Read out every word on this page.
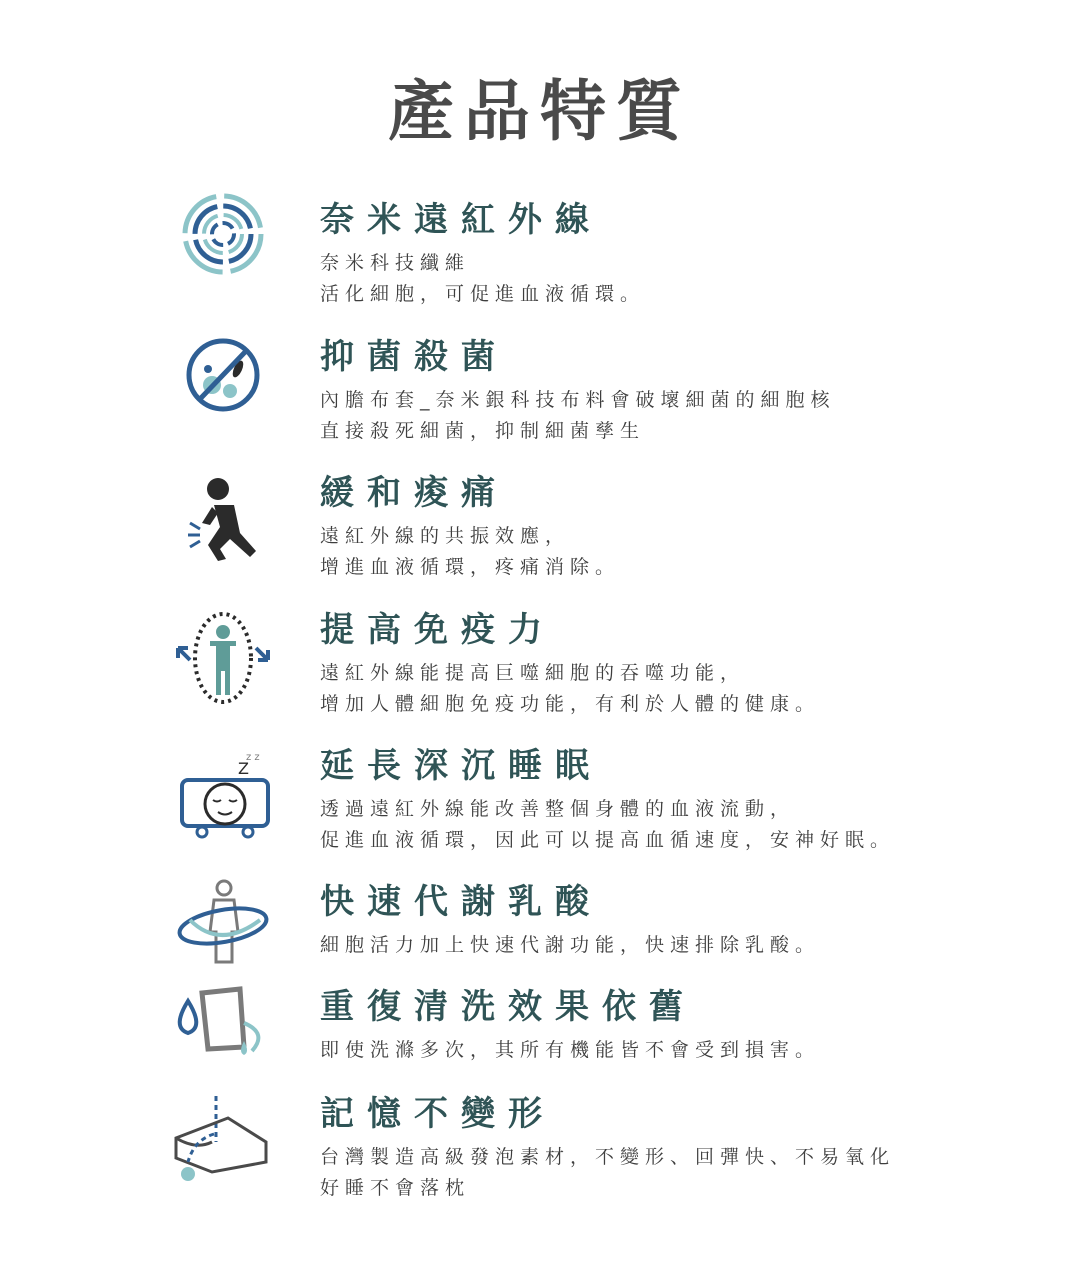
產品特質

奈米遠紅外線

奈米科技纖維

活化細胞，可促進血液循環。

抑菌殺菌

內膽布套_奈米銀科技布料會破壞細菌的細胞核

直接殺死細菌，抑制細菌孳生

緩和痠痛

遠紅外線的共振效應，

增進血液循環，疼痛消除。

提高免疫力

遠紅外線能提高巨噬細胞的吞噬功能，

增加人體細胞免疫功能，有利於人體的健康。

Z
z z 延長深沉睡眠

透過遠紅外線能改善整個身體的血液流動，

促進血液循環，因此可以提高血循速度，安神好眠。

快速代謝乳酸

細胞活力加上快速代謝功能，快速排除乳酸。

重復清洗效果依舊

即使洗滌多次，其所有機能皆不會受到損害。

記憶不變形

台灣製造高級發泡素材，不變形、回彈快、不易氧化

好睡不會落枕
